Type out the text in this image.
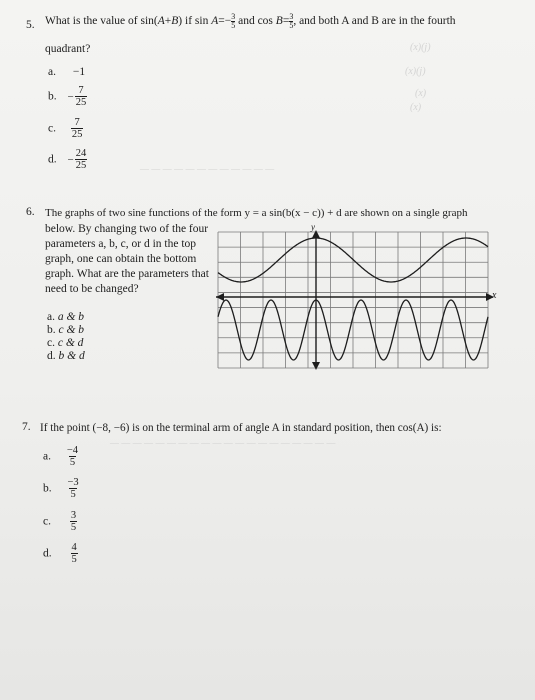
(x)(j)
(x)(j)
(x)
(x)
— — — — — — — — — — — —
5. What is the value of sin(A+B) if $\sin A=- \frac{3}{5}$ and $\cos B= \frac{3}{5}$ , and both A and B are in the fourth
quadrant?
a. −1
b. − $\frac{7}{25}$
c. $\frac{7}{25}$
d. − $\frac{24}{25}$
6. The graphs of two sine functions of the form y = a sin(b(x − c)) + d are shown on a single graph
below. By changing two of the four
parameters a, b, c, or d in the top
graph, one can obtain the bottom
graph. What are the parameters that
need to be changed?
a. a & b
b. c & b
c. c & d
d. b & d
y
x
— — — — — — — — — — — — — — — — — — — —
7. If the point (−8, −6) is on the terminal arm of angle A in standard position, then cos(A) is:
a. $\frac{-4}{5}$
b. $\frac{-3}{5}$
c. $\frac{3}{5}$
d. $\frac{4}{5}$
